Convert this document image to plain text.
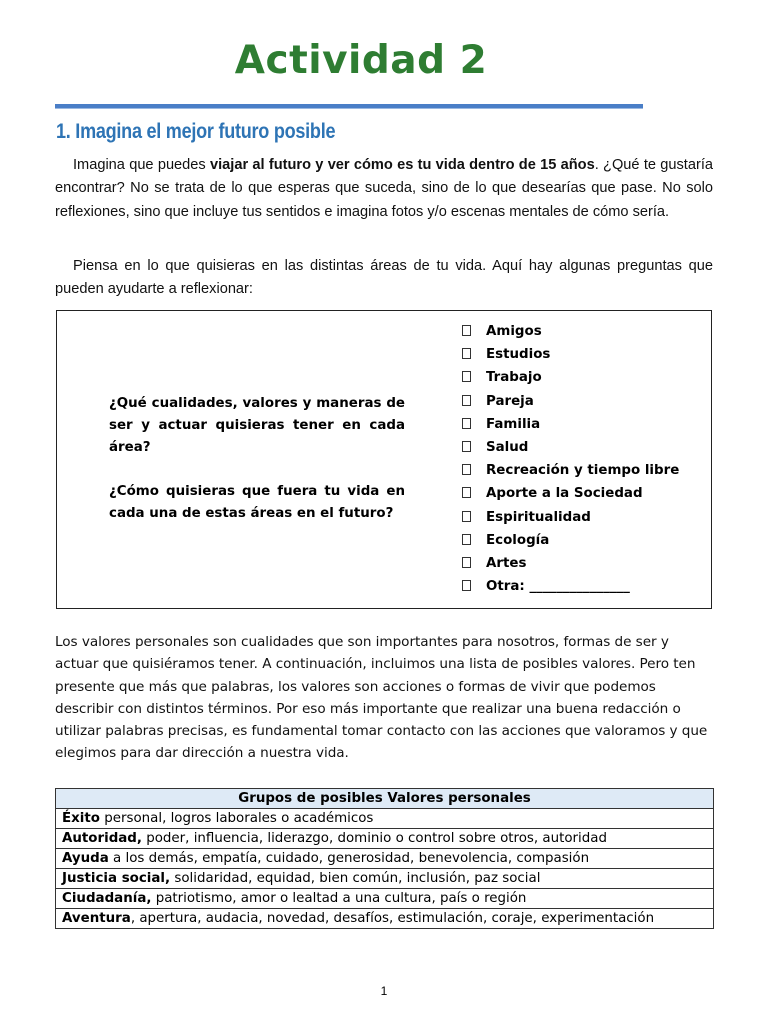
Actividad 2
1. Imagina el mejor futuro posible
Imagina que puedes viajar al futuro y ver cómo es tu vida dentro de 15 años. ¿Qué te gustaría encontrar? No se trata de lo que esperas que suceda, sino de lo que desearías que pase. No solo reflexiones, sino que incluye tus sentidos e imagina fotos y/o escenas mentales de cómo sería.
Piensa en lo que quisieras en las distintas áreas de tu vida. Aquí hay algunas preguntas que pueden ayudarte a reflexionar:

¿Qué cualidades, valores y maneras de ser y actuar quisieras tener en cada área?

¿Cómo quisieras que fuera tu vida en cada una de estas áreas en el futuro?

Amigos
Estudios
Trabajo
Pareja
Familia
Salud
Recreación y tiempo libre
Aporte a la Sociedad
Espiritualidad
Ecología
Artes
Otra: _______________
Los valores personales son cualidades que son importantes para nosotros, formas de ser y actuar que quisiéramos tener. A continuación, incluimos una lista de posibles valores. Pero ten presente que más que palabras, los valores son acciones o formas de vivir que podemos describir con distintos términos. Por eso más importante que realizar una buena redacción o utilizar palabras precisas, es fundamental tomar contacto con las acciones que valoramos y que elegimos para dar dirección a nuestra vida.
Grupos de posibles Valores personales
Éxito personal, logros laborales o académicos
Autoridad, poder, influencia, liderazgo, dominio o control sobre otros, autoridad
Ayuda a los demás, empatía, cuidado, generosidad, benevolencia, compasión
Justicia social, solidaridad, equidad, bien común, inclusión, paz social
Ciudadanía, patriotismo, amor o lealtad a una cultura, país o región
Aventura, apertura, audacia, novedad, desafíos, estimulación, coraje, experimentación
1
